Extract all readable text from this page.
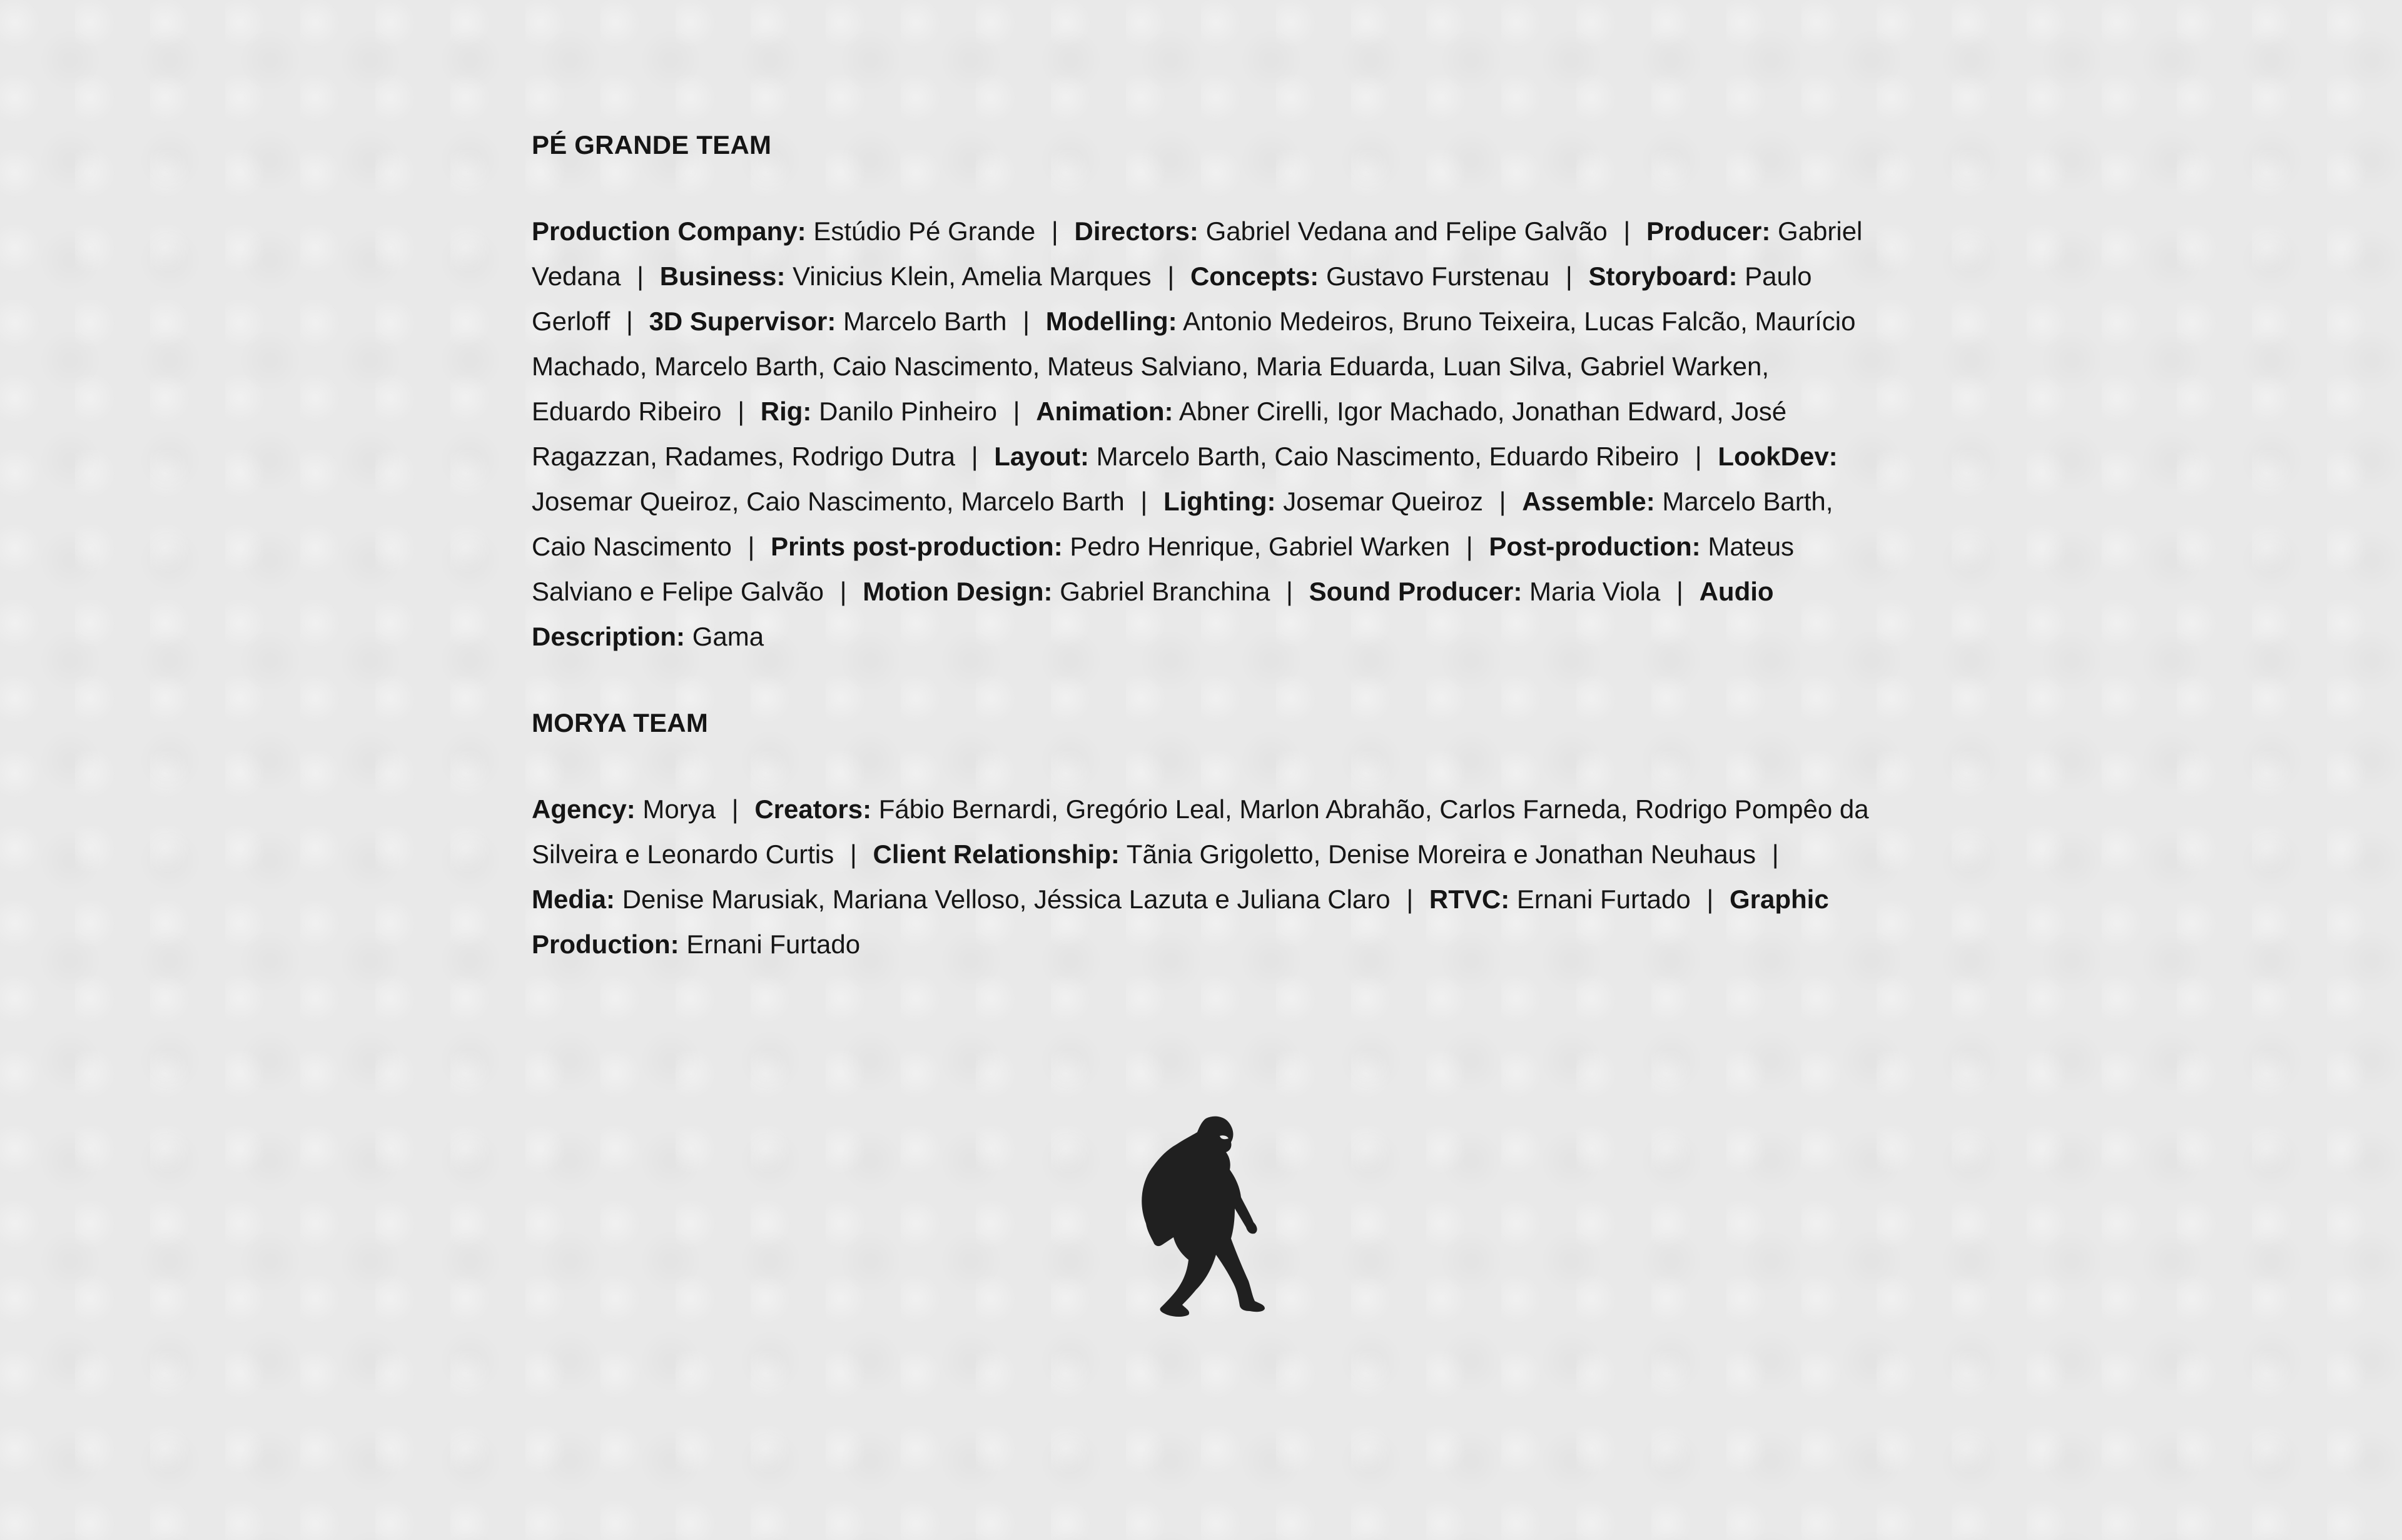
PÉ GRANDE TEAM

Production Company: Estúdio Pé Grande | Directors: Gabriel Vedana and Felipe Galvão | Producer: Gabriel Vedana | Business: Vinicius Klein, Amelia Marques | Concepts: Gustavo Furstenau | Storyboard: Paulo Gerloff | 3D Supervisor: Marcelo Barth | Modelling: Antonio Medeiros, Bruno Teixeira, Lucas Falcão, Maurício Machado, Marcelo Barth, Caio Nascimento, Mateus Salviano, Maria Eduarda, Luan Silva, Gabriel Warken, Eduardo Ribeiro | Rig: Danilo Pinheiro | Animation: Abner Cirelli, Igor Machado, Jonathan Edward, José Ragazzan, Radames, Rodrigo Dutra | Layout: Marcelo Barth, Caio Nascimento, Eduardo Ribeiro | LookDev: Josemar Queiroz, Caio Nascimento, Marcelo Barth | Lighting: Josemar Queiroz | Assemble: Marcelo Barth, Caio Nascimento | Prints post-production: Pedro Henrique, Gabriel Warken | Post-production: Mateus Salviano e Felipe Galvão | Motion Design: Gabriel Branchina | Sound Producer: Maria Viola | Audio Description: Gama

MORYA TEAM

Agency: Morya | Creators: Fábio Bernardi, Gregório Leal, Marlon Abrahão, Carlos Farneda, Rodrigo Pompêo da Silveira e Leonardo Curtis | Client Relationship: Tãnia Grigoletto, Denise Moreira e Jonathan Neuhaus | Media: Denise Marusiak, Mariana Velloso, Jéssica Lazuta e Juliana Claro | RTVC: Ernani Furtado | Graphic Production: Ernani Furtado
